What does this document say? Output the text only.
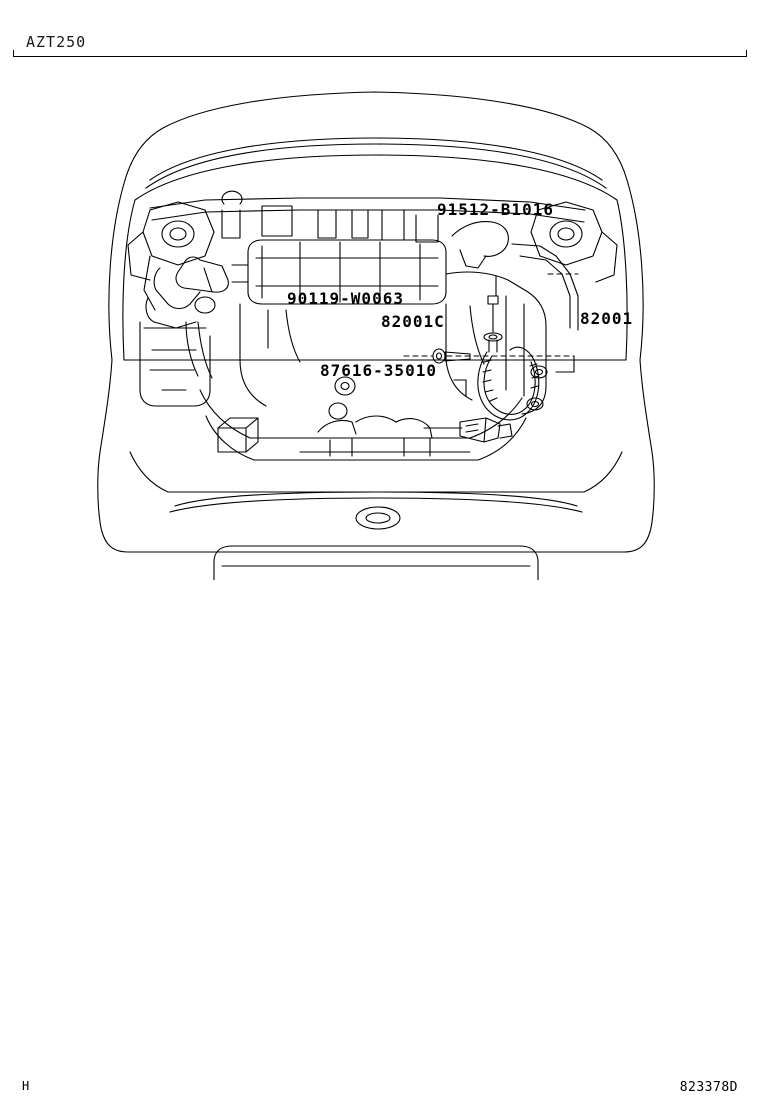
AZT250
91512-B1016
90119-W0063
82001C	82001
87616-35010
H	823378D
